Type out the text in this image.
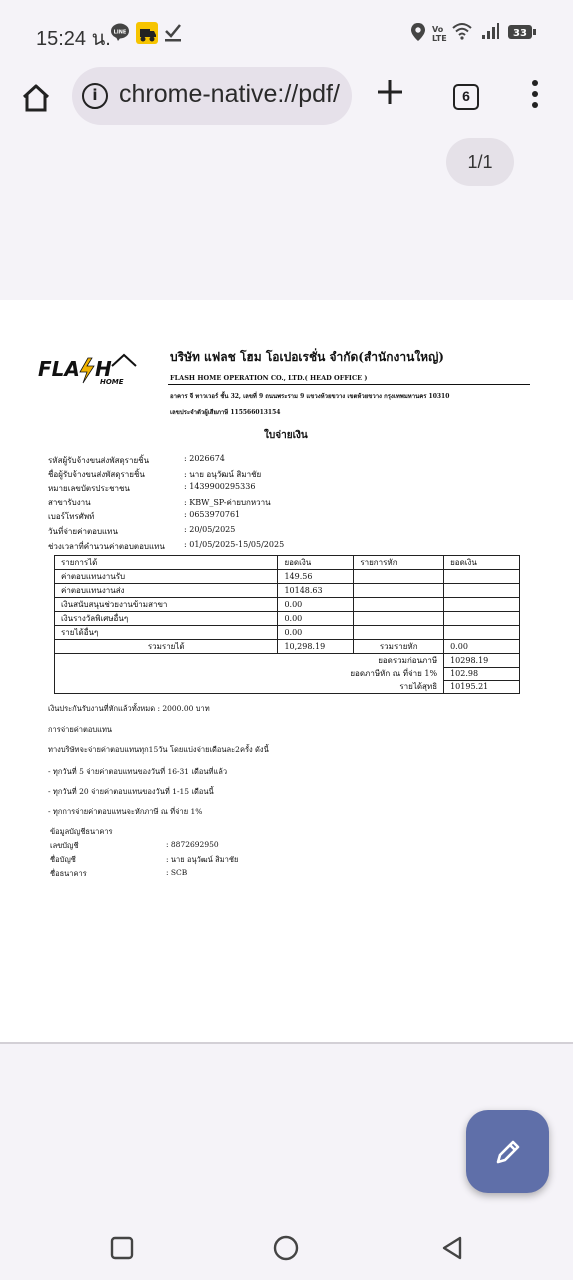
15:24 น. LINE	Vo
LTE	33
i chrome-native://pdf/	6
1/1
FLA H
HOME
บริษัท แฟลช โฮม โอเปอเรชั่น จำกัด(สำนักงานใหญ่)
FLASH HOME OPERATION CO., LTD.( HEAD OFFICE )
อาคาร จี ทาวเวอร์ ชั้น 32, เลขที่ 9 ถนนพระราม 9 แขวงห้วยขวาง เขตห้วยขวาง กรุงเทพมหานคร 10310
เลขประจำตัวผู้เสียภาษี 115566013154
ใบจ่ายเงิน
รหัสผู้รับจ้างขนส่งพัสดุรายชิ้น	: 2026674
ชื่อผู้รับจ้างขนส่งพัสดุรายชิ้น	: นาย อนุวัฒน์ สิมาชัย
หมายเลขบัตรประชาชน	: 1439900295336
สาขารับงาน	: KBW_SP-ค่ายบกหวาน
เบอร์โทรศัพท์	: 0653970761
วันที่จ่ายค่าตอบแทน	: 20/05/2025
ช่วงเวลาที่คำนวนค่าตอบตอบแทน : 01/05/2025-15/05/2025
รายการได้	ยอดเงิน	รายการหัก	ยอดเงิน
ค่าตอบแทนงานรับ	149.56		
ค่าตอบแทนงานส่ง	10148.63		
เงินสนับสนุนช่วยงานข้ามสาขา	0.00		
เงินรางวัลพิเศษอื่นๆ	0.00		
รายได้อื่นๆ	0.00		
รวมรายได้	10,298.19	รวมรายหัก	0.00
ยอดรวมก่อนภาษี			10298.19
ยอดภาษีหัก ณ ที่จ่าย 1%			102.98
รายได้สุทธิ			10195.21
เงินประกันรับงานที่หักแล้วทั้งหมด : 2000.00 บาท
การจ่ายค่าตอบแทน
ทางบริษัทจะจ่ายค่าตอบแทนทุก15วัน โดยแบ่งจ่ายเดือนละ2ครั้ง ดังนี้
- ทุกวันที่ 5 จ่ายค่าตอบแทนของวันที่ 16-31 เดือนที่แล้ว
- ทุกวันที่ 20 จ่ายค่าตอบแทนของวันที่ 1-15 เดือนนี้
- ทุกการจ่ายค่าตอบแทนจะหักภาษี ณ ที่จ่าย 1%
ข้อมูลบัญชีธนาคาร
เลขบัญชี	: 8872692950
ชื่อบัญชี	: นาย อนุวัฒน์ สิมาชัย
ชื่อธนาคาร	: SCB
